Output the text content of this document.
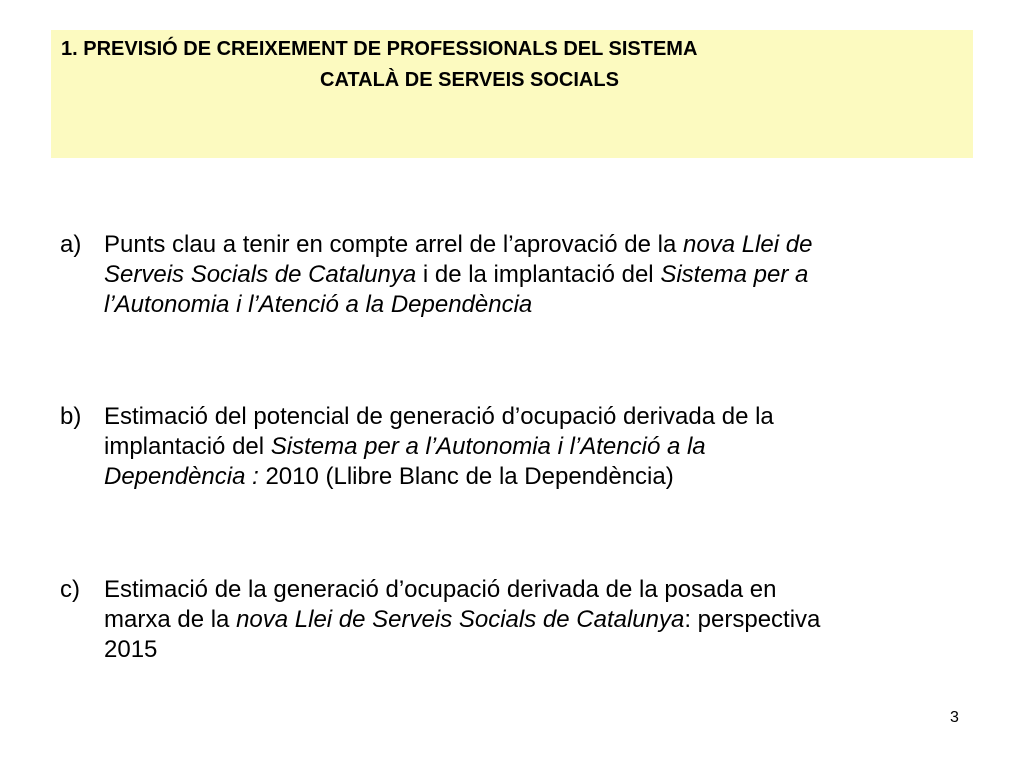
1. PREVISIÓ DE CREIXEMENT DE PROFESSIONALS DEL SISTEMA
CATALÀ DE SERVEIS SOCIALS
a) Punts clau a tenir en compte arrel de l’aprovació de la nova Llei de
Serveis Socials de Catalunya i de la implantació del Sistema per a
l’Autonomia i l’Atenció a la Dependència
b) Estimació del potencial de generació d’ocupació derivada de la
implantació del Sistema per a l’Autonomia i l’Atenció a la
Dependència : 2010 (Llibre Blanc de la Dependència)
c) Estimació de la generació d’ocupació derivada de la posada en
marxa de la nova Llei de Serveis Socials de Catalunya: perspectiva
2015
3
